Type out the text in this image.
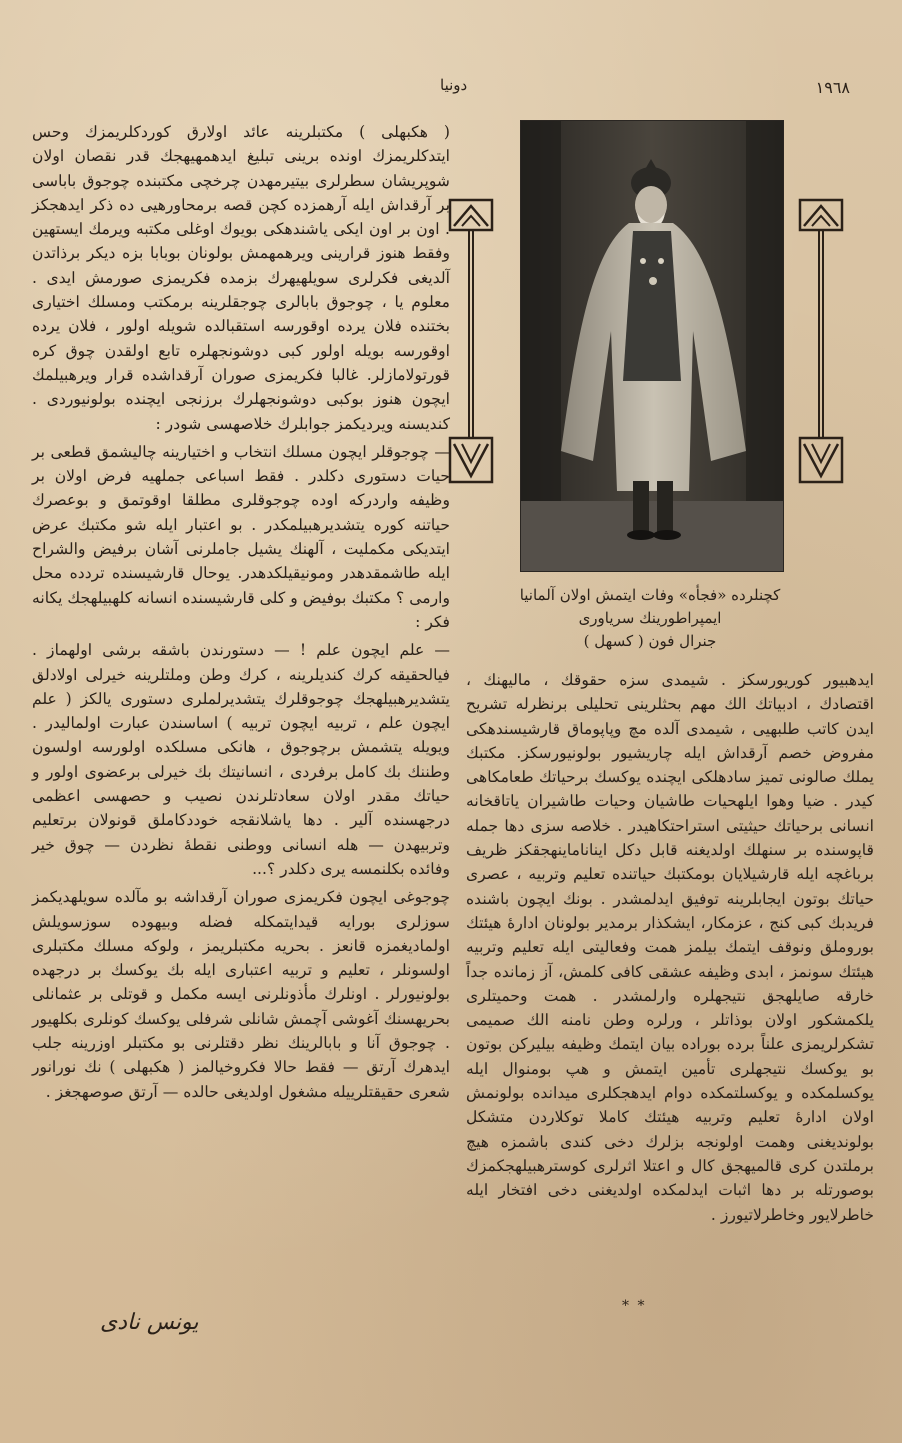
١٩٦٨
دونیا

( هکبهلی ) مکتبلرینه عائد اولارق کوردکلریمزك وحس ایتدکلریمزك اونده برینی تبلیغ ایدهمهیهجك قدر نقصان اولان شوپریشان سطرلری بیتیرمهدن چرخچی مکتبنده چوجوق باباسی بر آرقداش ایله آرهمزده کچن قصه برمحاورهیی ده ذکر ایدهجکز . اون بر اون ایکی یاشندهکی بویوك اوغلی مکتبه ویرمك ایستهین وفقط هنوز قرارینی ویرهمهمش بولونان بوبابا بزه دیکر برذاتدن آلدیغی فکرلری سویلهیهرك بزمده فکریمزی صورمش ایدی . معلوم یا ، چوجوق بابالری چوجقلرینه برمکتب ومسلك اختیاری بختنده فلان یرده اوقورسه استقبالده شویله اولور ، فلان یرده اوقورسه بویله اولور کبی دوشونجهلره تابع اولقدن چوق کره قورتولامازلر. غالبا فکریمزی صوران آرقداشده قرار ویرهبیلمك ایچون هنوز بوکبی دوشونجهلرك برزنجی ایچنده بولونیوردی . کندیسنه ویردیکمز جوابلرك خلاصهسی شودر :

— چوجوقلر ایچون مسلك انتخاب و اختیارینه چالیشمق قطعی بر حیات دستوری دکلدر . فقط اسباعی جملهیه فرض اولان بر وظیفه واردرکه اوده چوجوقلری مطلقا اوقوتمق و بوعصرك حیاتنه کوره یتشدیرهبیلمکدر . بو اعتبار ایله شو مکتبك عرض ایتدیکی مکملیت ، آلهنك یشیل جاملرنی آشان برفیض والشراح ایله طاشمقدهدر ومونیقیلکدهدر. یوحال قارشیسنده تردده محل وارمی ؟ مکتبك بوفیض و کلی قارشیسنده انسانه کلهبیلهجك یکانه فکر :

— علم ایچون علم ! — دستورندن باشقه برشی اولهماز . فیالحقیقه کرك کندیلرینه ، کرك وطن وملتلرینه خیرلی اولادلق یتشدیرهبیلهجك چوجوقلرك یتشدیرلملری دستوری یالکز ( علم ایچون علم ، تربیه ایچون تربیه ) اساسندن عبارت اولمالیدر . ویویله یتشمش برچوجوق ، هانکی مسلکده اولورسه اولسون وطننك بك کامل برفردی ، انسانیتك بك خیرلی برعضوی اولور و حیاتك مقدر اولان سعادتلرندن نصیب و حصهسی اعظمی درجهسنده آلیر . دها یاشلانقجه خوددکاملق قونولان برتعلیم وتربیهدن — هله انسانی ووطنی نقطهٔ نظردن — چوق خیر وفائده بکلنمسه یری دکلدر ؟...

چوجوغی ایچون فکریمزی صوران آرقداشه بو مآلده سویلهدیکمز سوزلری بورایه قیدایتمکله فضله وبیهوده سوزسویلش اولمادیغمزه قانعز . بحریه مکتبلریمز ، ولوکه مسلك مکتبلری اولسونلر ، تعلیم و تربیه اعتباری ایله بك یوکسك بر درجهده بولونیورلر . اونلرك مأذونلرنی ایسه مکمل و قوتلی بر عثمانلی بحریهسنك آغوشی آچمش شانلی شرفلی یوکسك کونلری بکلهیور . چوجوق آنا و بابالرینك نظر دقتلرنی بو مکتبلر اوزرینه جلب ایدهرك آرتق — فقط حالا فکروخیالمز ( هکبهلی ) نك نورانور شعری حقیقتلرییله مشغول اولدیغی حالده — آرتق صوصهجغز .

یونس نادی
کچنلرده «فجأه» وفات ایتمش اولان آلمانیا ایمپراطورینك سریاوری
جنرال فون ( کسهل )

ایدهبیور کوریورسکز . شیمدی سزه حقوقك ، مالیهنك ، اقتصادك ، ادبیاتك الك مهم بحثلرینی تحلیلی برنظرله تشریح ایدن کاتب طلبهیی ، شیمدی آلده مچ وپاپوماق قارشیسندهکی مفروض خصم آرقداش ایله چاریشیور بولونیورسکز. مکتبك یملك صالونی تمیز سادهلکی ایچنده یوکسك برحیاتك طعامکاهی کیدر . ضیا وهوا ایلهحیات طاشیان وحیات طاشیران یاتاقخانه انسانی برحیاتك حیثیتی استراحتکاهیدر . خلاصه سزی دها جمله قاپوسنده بر سنهلك اولدیغنه قابل دکل ایناناماینهجقکز ظریف برباغچه ایله قارشیلایان بومکتبك حیاتنده تعلیم وتربیه ، عصری حیاتك بوتون ایجابلرینه توفیق ایدلمشدر . بونك ایچون باشنده فریدبك کبی کنج ، عزمکار، ایشکذار برمدیر بولونان ادارهٔ هیئتك بوروملق ونوقف ایتمك بیلمز همت وفعالیتی ایله تعلیم وتربیه هیئتك سونمز ، ابدی وظیفه عشقی کافی کلمش، آز زمانده جداً خارقه صایلهجق نتیجهلره وارلمشدر . همت وحمیتلری یلکمشکور اولان بوذاتلر ، ورلره وطن نامنه الك صمیمی تشکرلریمزی علناً برده بوراده بیان ایتمك وظیفه بیلیرکن بوتون بو یوکسك نتیجهلری تأمین ایتمش و هپ بومنوال ایله یوکسلمکده و یوکسلتمکده دوام ایدهجکلری میدانده بولونمش اولان ادارهٔ تعلیم وتربیه هیئتك کاملا توکلاردن متشکل بولوندیغنی وهمت اولونجه بزلرك دخی کندی باشمزه هیچ برملتدن کری قالمیهجق کال و اعتلا اثرلری کوسترهبیلهجکمزك بوصورتله بر دها اثبات ایدلمکده اولدیغنی دخی افتخار ایله خاطرلایور وخاطرلاتیورز .

* *
